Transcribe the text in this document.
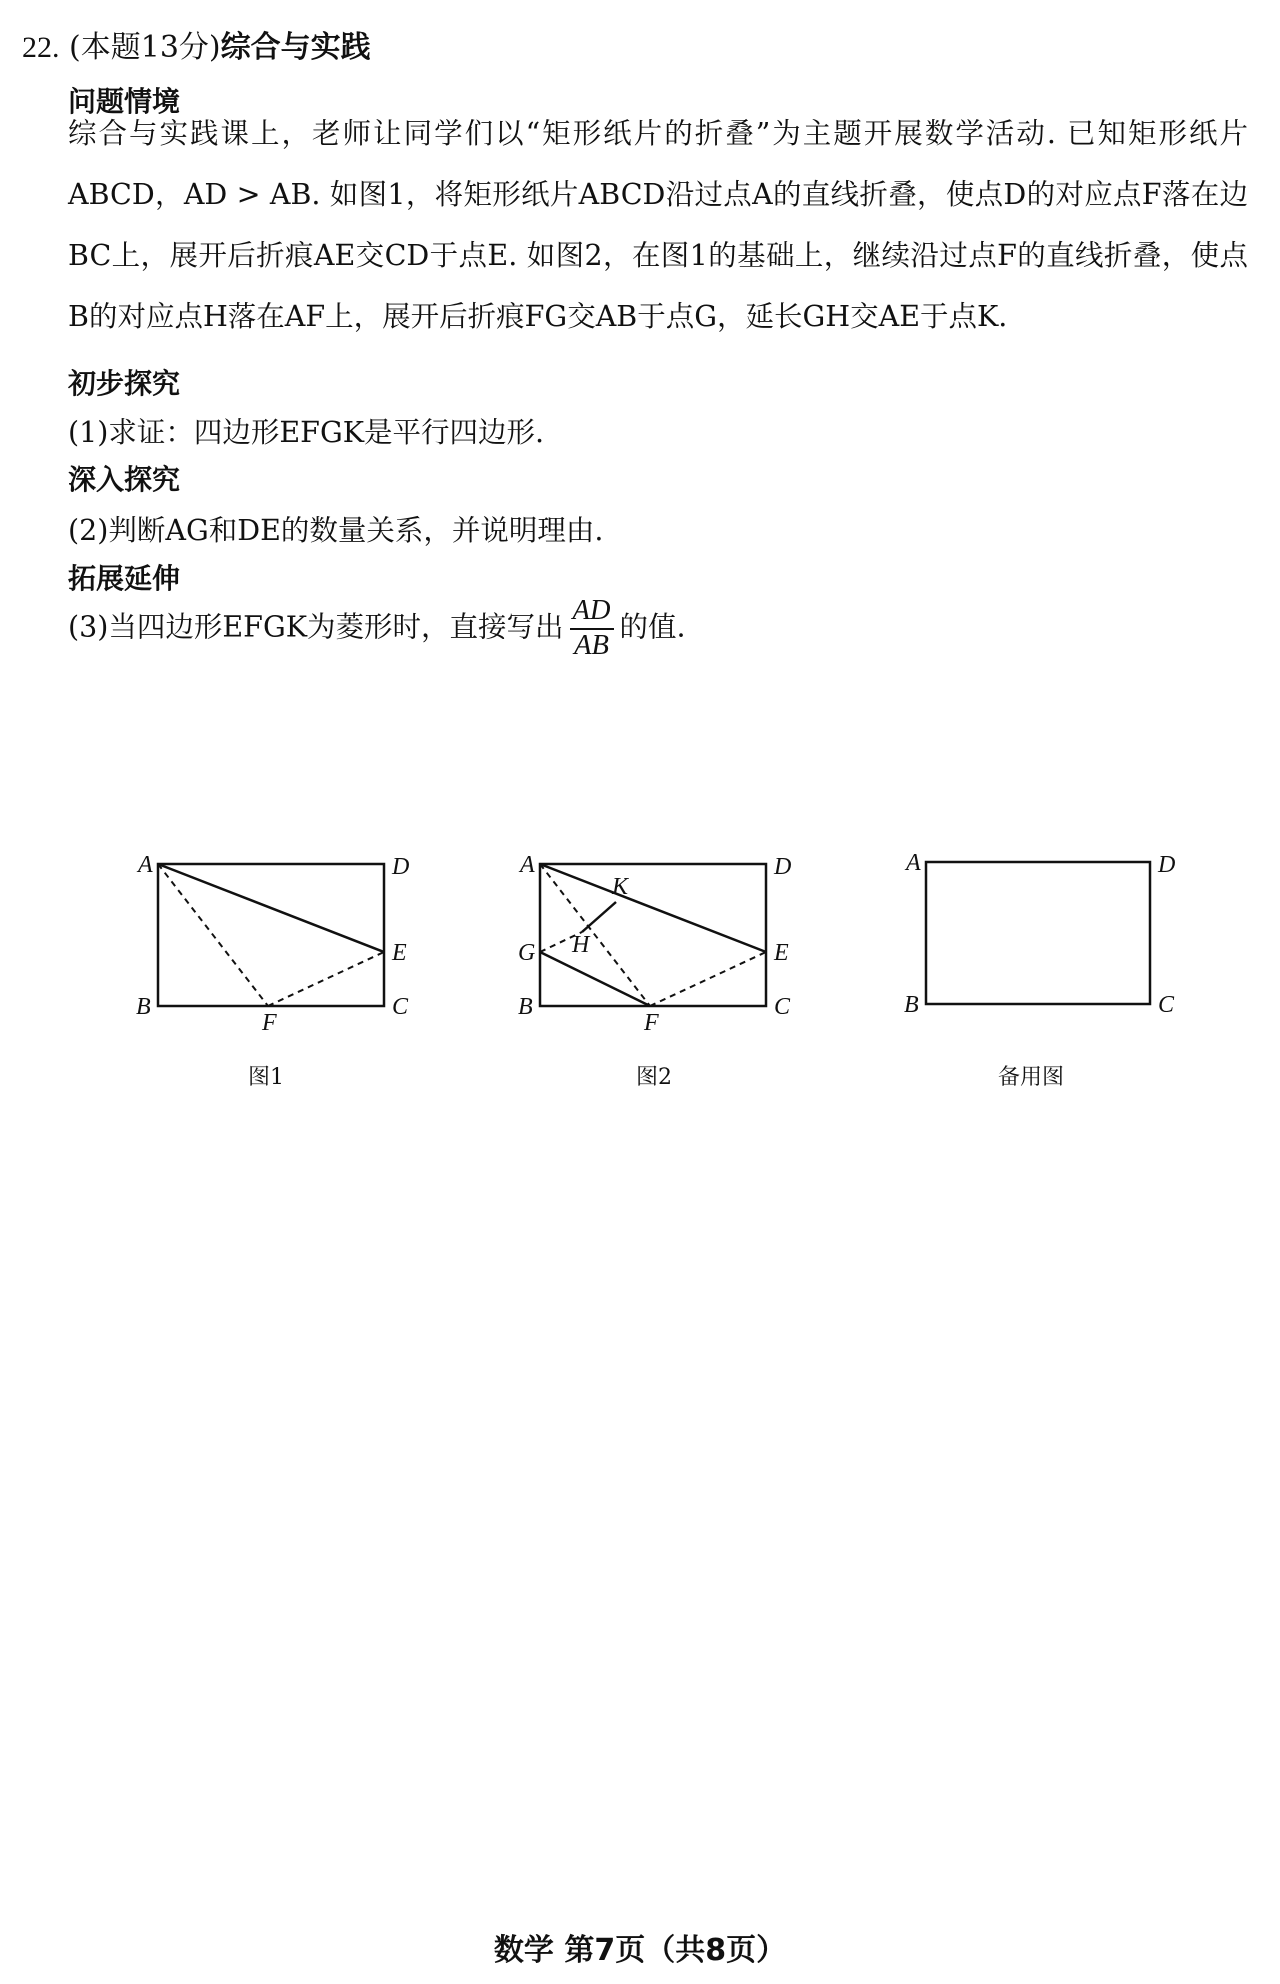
22. (本题13分)综合与实践
问题情境
综合与实践课上，老师让同学们以“矩形纸片的折叠”为主题开展数学活动. 已知矩形纸片ABCD，AD > AB. 如图1，将矩形纸片ABCD沿过点A的直线折叠，使点D的对应点F落在边BC上，展开后折痕AE交CD于点E. 如图2，在图1的基础上，继续沿过点F的直线折叠，使点B的对应点H落在AF上，展开后折痕FG交AB于点G，延长GH交AE于点K.
初步探究
(1)求证：四边形EFGK是平行四边形.
深入探究
(2)判断AG和DE的数量关系，并说明理由.
拓展延伸
(3)当四边形EFGK为菱形时，直接写出 $\frac{AD}{AB}$ 的值.
A	D
E
B	C
F
图1
A	D
K
H
G	E
B	C
F
图2
A	D
B	C
备用图
数学 第7页（共8页）
